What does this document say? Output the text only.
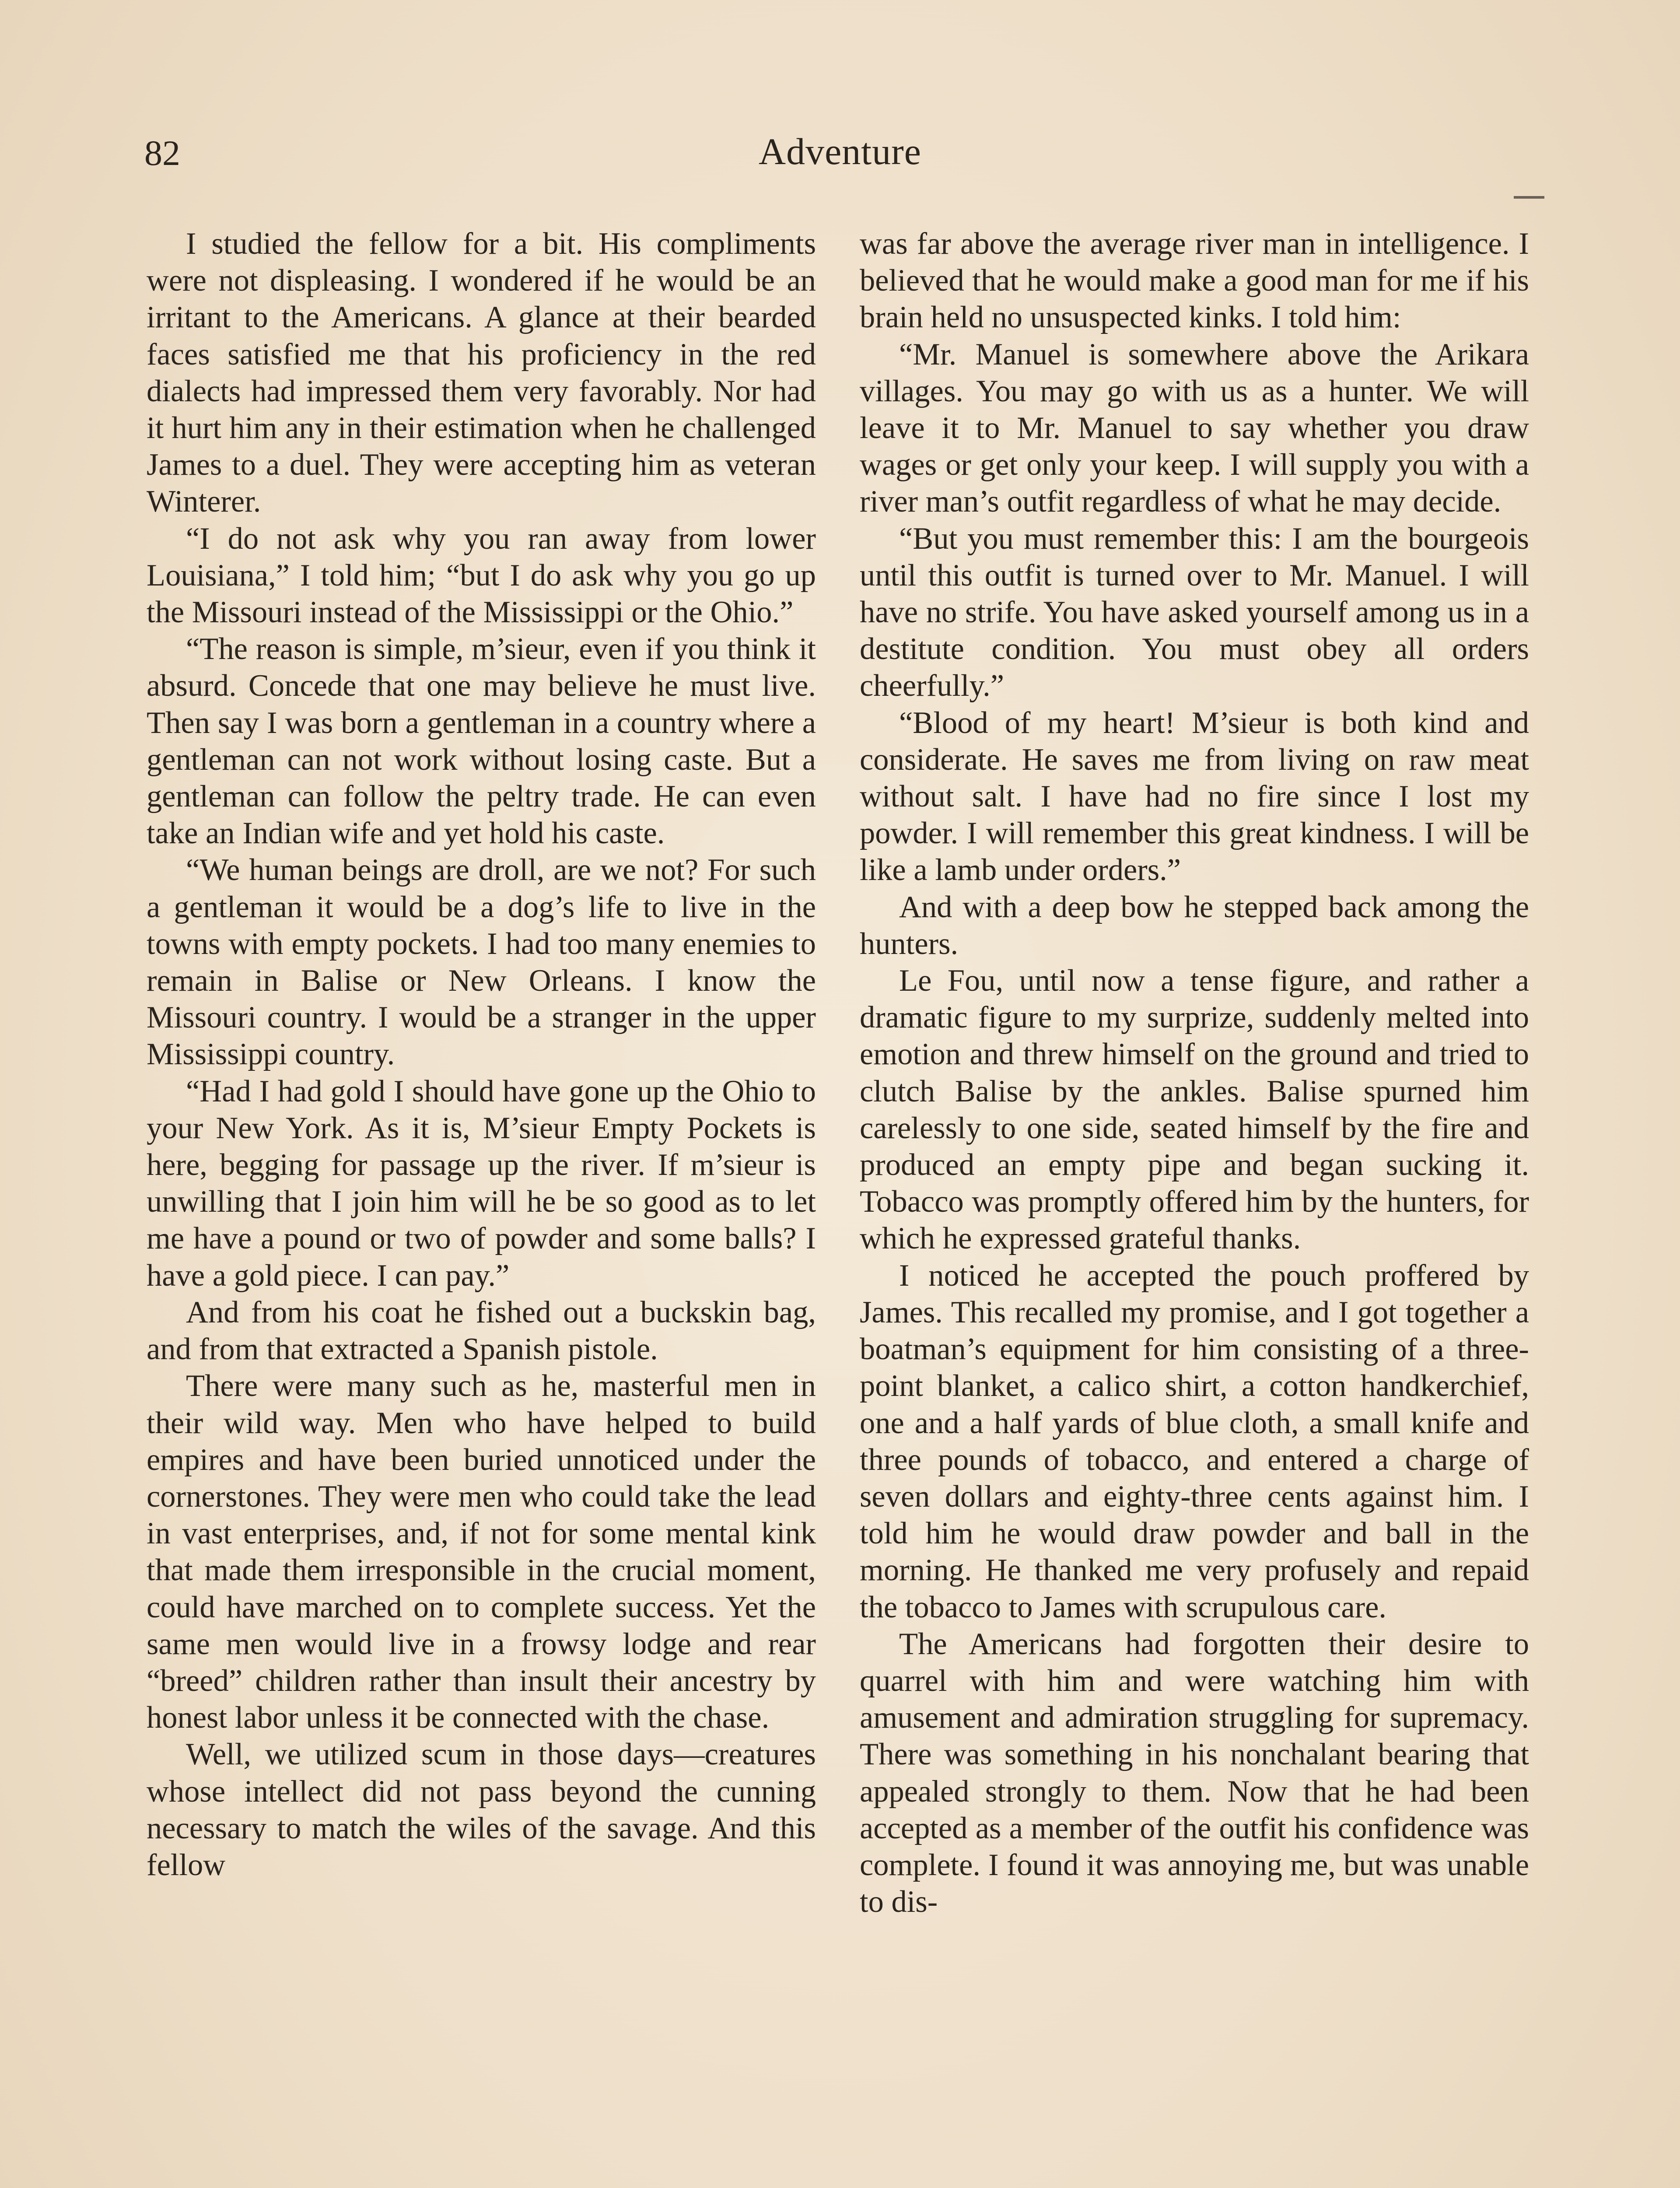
82	Adventure

I studied the fellow for a bit. His compliments were not displeasing. I wondered if he would be an irritant to the Americans. A glance at their bearded faces satisfied me that his proficiency in the red dialects had impressed them very favorably. Nor had it hurt him any in their estimation when he challenged James to a duel. They were accepting him as veteran Winterer.

“I do not ask why you ran away from lower Louisiana,” I told him; “but I do ask why you go up the Missouri instead of the Mississippi or the Ohio.”

“The reason is simple, m’sieur, even if you think it absurd. Concede that one may believe he must live. Then say I was born a gentleman in a country where a gentleman can not work without losing caste. But a gentleman can follow the peltry trade. He can even take an Indian wife and yet hold his caste.

“We human beings are droll, are we not? For such a gentleman it would be a dog’s life to live in the towns with empty pockets. I had too many enemies to remain in Balise or New Orleans. I know the Missouri country. I would be a stranger in the upper Mississippi country.

“Had I had gold I should have gone up the Ohio to your New York. As it is, M’sieur Empty Pockets is here, begging for passage up the river. If m’sieur is unwilling that I join him will he be so good as to let me have a pound or two of powder and some balls? I have a gold piece. I can pay.”

And from his coat he fished out a buckskin bag, and from that extracted a Spanish pistole.

There were many such as he, masterful men in their wild way. Men who have helped to build empires and have been buried unnoticed under the cornerstones. They were men who could take the lead in vast enterprises, and, if not for some mental kink that made them irresponsible in the crucial moment, could have marched on to complete success. Yet the same men would live in a frowsy lodge and rear “breed” children rather than insult their ancestry by honest labor unless it be connected with the chase.

Well, we utilized scum in those days—creatures whose intellect did not pass beyond the cunning necessary to match the wiles of the savage. And this fellow

was far above the average river man in intelligence. I believed that he would make a good man for me if his brain held no unsuspected kinks. I told him:

“Mr. Manuel is somewhere above the Arikara villages. You may go with us as a hunter. We will leave it to Mr. Manuel to say whether you draw wages or get only your keep. I will supply you with a river man’s outfit regardless of what he may decide.

“But you must remember this: I am the bourgeois until this outfit is turned over to Mr. Manuel. I will have no strife. You have asked yourself among us in a destitute condition. You must obey all orders cheerfully.”

“Blood of my heart! M’sieur is both kind and considerate. He saves me from living on raw meat without salt. I have had no fire since I lost my powder. I will remember this great kindness. I will be like a lamb under orders.”

And with a deep bow he stepped back among the hunters.

Le Fou, until now a tense figure, and rather a dramatic figure to my surprize, suddenly melted into emotion and threw himself on the ground and tried to clutch Balise by the ankles. Balise spurned him carelessly to one side, seated himself by the fire and produced an empty pipe and began sucking it. Tobacco was promptly offered him by the hunters, for which he expressed grateful thanks.

I noticed he accepted the pouch proffered by James. This recalled my promise, and I got together a boatman’s equipment for him consisting of a three-point blanket, a calico shirt, a cotton handkerchief, one and a half yards of blue cloth, a small knife and three pounds of tobacco, and entered a charge of seven dollars and eighty-three cents against him. I told him he would draw powder and ball in the morning. He thanked me very profusely and repaid the tobacco to James with scrupulous care.

The Americans had forgotten their desire to quarrel with him and were watching him with amusement and admiration struggling for supremacy. There was something in his nonchalant bearing that appealed strongly to them. Now that he had been accepted as a member of the outfit his confidence was complete. I found it was annoying me, but was unable to dis-
